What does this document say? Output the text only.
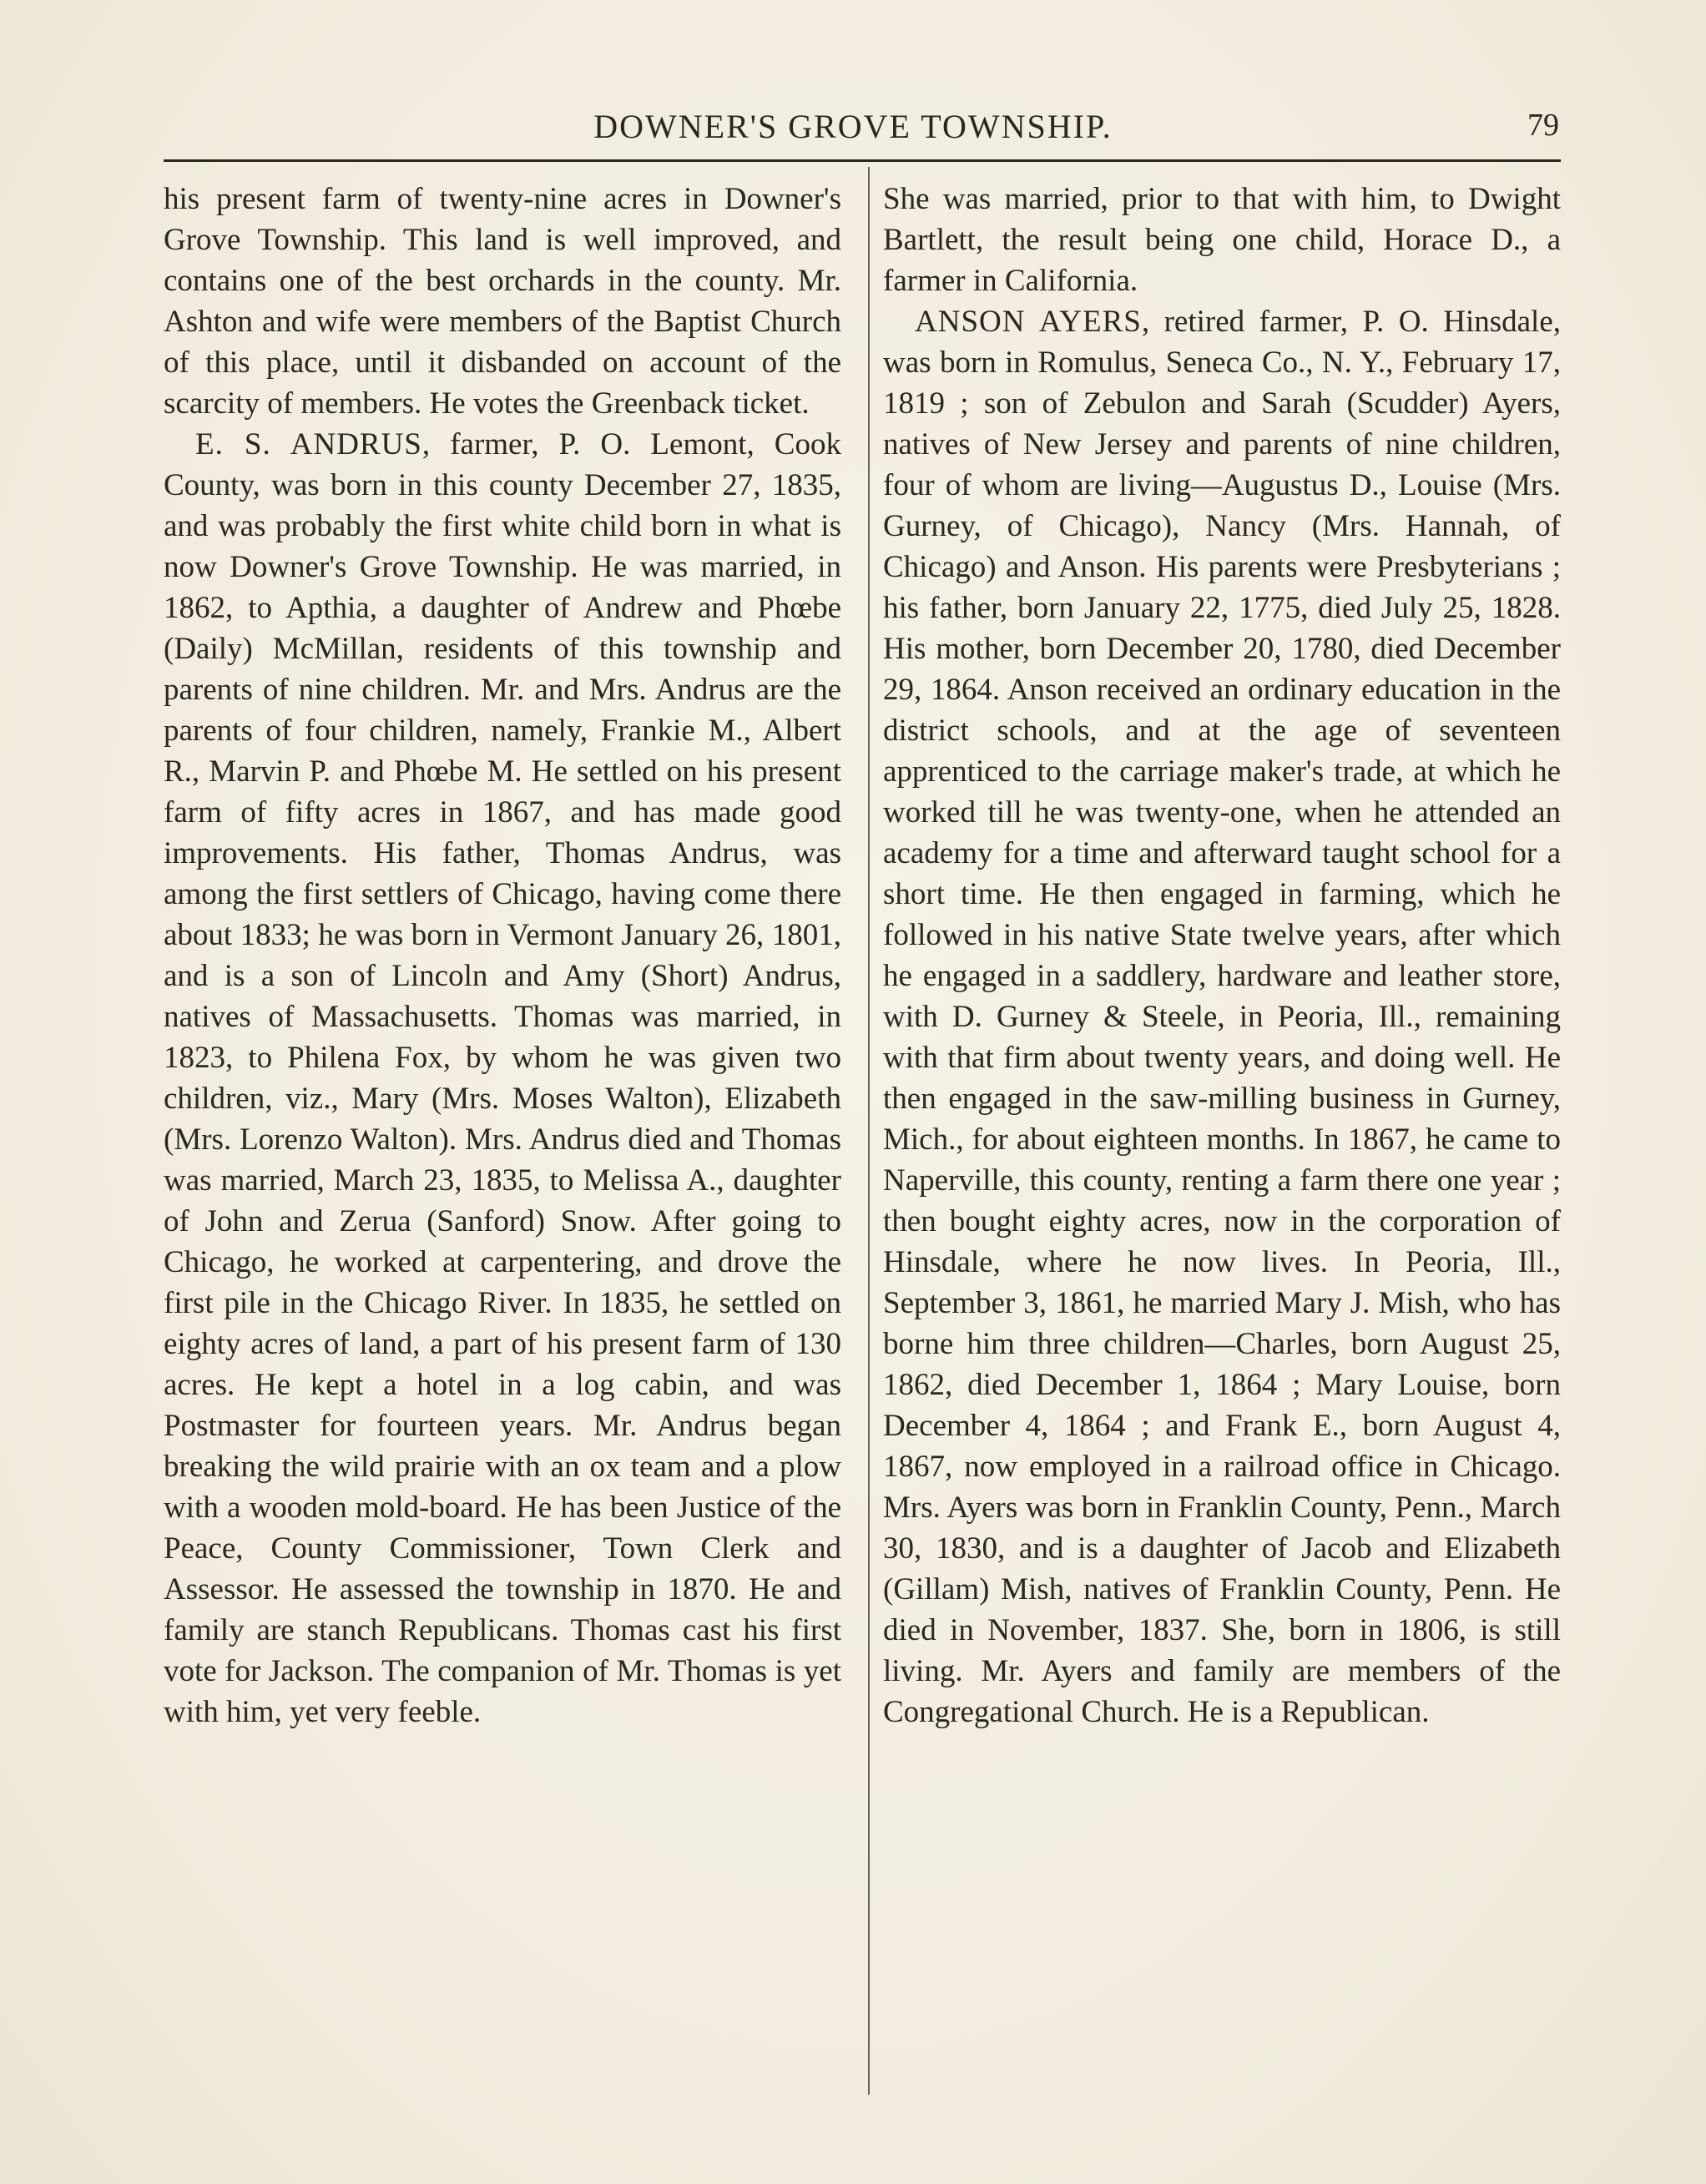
DOWNER'S GROVE TOWNSHIP.	79

his present farm of twenty-nine acres in Downer's Grove Township. This land is well improved, and contains one of the best orchards in the county. Mr. Ashton and wife were members of the Baptist Church of this place, until it disbanded on account of the scarcity of members. He votes the Greenback ticket.

E. S. ANDRUS, farmer, P. O. Lemont, Cook County, was born in this county December 27, 1835, and was probably the first white child born in what is now Downer's Grove Township. He was married, in 1862, to Apthia, a daughter of Andrew and Phœbe (Daily) McMillan, residents of this township and parents of nine children. Mr. and Mrs. Andrus are the parents of four children, namely, Frankie M., Albert R., Marvin P. and Phœbe M. He settled on his present farm of fifty acres in 1867, and has made good improvements. His father, Thomas Andrus, was among the first settlers of Chicago, having come there about 1833; he was born in Vermont January 26, 1801, and is a son of Lincoln and Amy (Short) Andrus, natives of Massachusetts. Thomas was married, in 1823, to Philena Fox, by whom he was given two children, viz., Mary (Mrs. Moses Walton), Elizabeth (Mrs. Lorenzo Walton). Mrs. Andrus died and Thomas was married, March 23, 1835, to Melissa A., daughter of John and Zerua (Sanford) Snow. After going to Chicago, he worked at carpentering, and drove the first pile in the Chicago River. In 1835, he settled on eighty acres of land, a part of his present farm of 130 acres. He kept a hotel in a log cabin, and was Postmaster for fourteen years. Mr. Andrus began breaking the wild prairie with an ox team and a plow with a wooden mold-board. He has been Justice of the Peace, County Commissioner, Town Clerk and Assessor. He assessed the township in 1870. He and family are stanch Republicans. Thomas cast his first vote for Jackson. The companion of Mr. Thomas is yet with him, yet very feeble.

She was married, prior to that with him, to Dwight Bartlett, the result being one child, Horace D., a farmer in California.

ANSON AYERS, retired farmer, P. O. Hinsdale, was born in Romulus, Seneca Co., N. Y., February 17, 1819 ; son of Zebulon and Sarah (Scudder) Ayers, natives of New Jersey and parents of nine children, four of whom are living—Augustus D., Louise (Mrs. Gurney, of Chicago), Nancy (Mrs. Hannah, of Chicago) and Anson. His parents were Presbyterians ; his father, born January 22, 1775, died July 25, 1828. His mother, born December 20, 1780, died December 29, 1864. Anson received an ordinary education in the district schools, and at the age of seventeen apprenticed to the carriage maker's trade, at which he worked till he was twenty-one, when he attended an academy for a time and afterward taught school for a short time. He then engaged in farming, which he followed in his native State twelve years, after which he engaged in a saddlery, hardware and leather store, with D. Gurney & Steele, in Peoria, Ill., remaining with that firm about twenty years, and doing well. He then engaged in the saw-milling business in Gurney, Mich., for about eighteen months. In 1867, he came to Naperville, this county, renting a farm there one year ; then bought eighty acres, now in the corporation of Hinsdale, where he now lives. In Peoria, Ill., September 3, 1861, he married Mary J. Mish, who has borne him three children—Charles, born August 25, 1862, died December 1, 1864 ; Mary Louise, born December 4, 1864 ; and Frank E., born August 4, 1867, now employed in a railroad office in Chicago. Mrs. Ayers was born in Franklin County, Penn., March 30, 1830, and is a daughter of Jacob and Elizabeth (Gillam) Mish, natives of Franklin County, Penn. He died in November, 1837. She, born in 1806, is still living. Mr. Ayers and family are members of the Congregational Church. He is a Republican.
